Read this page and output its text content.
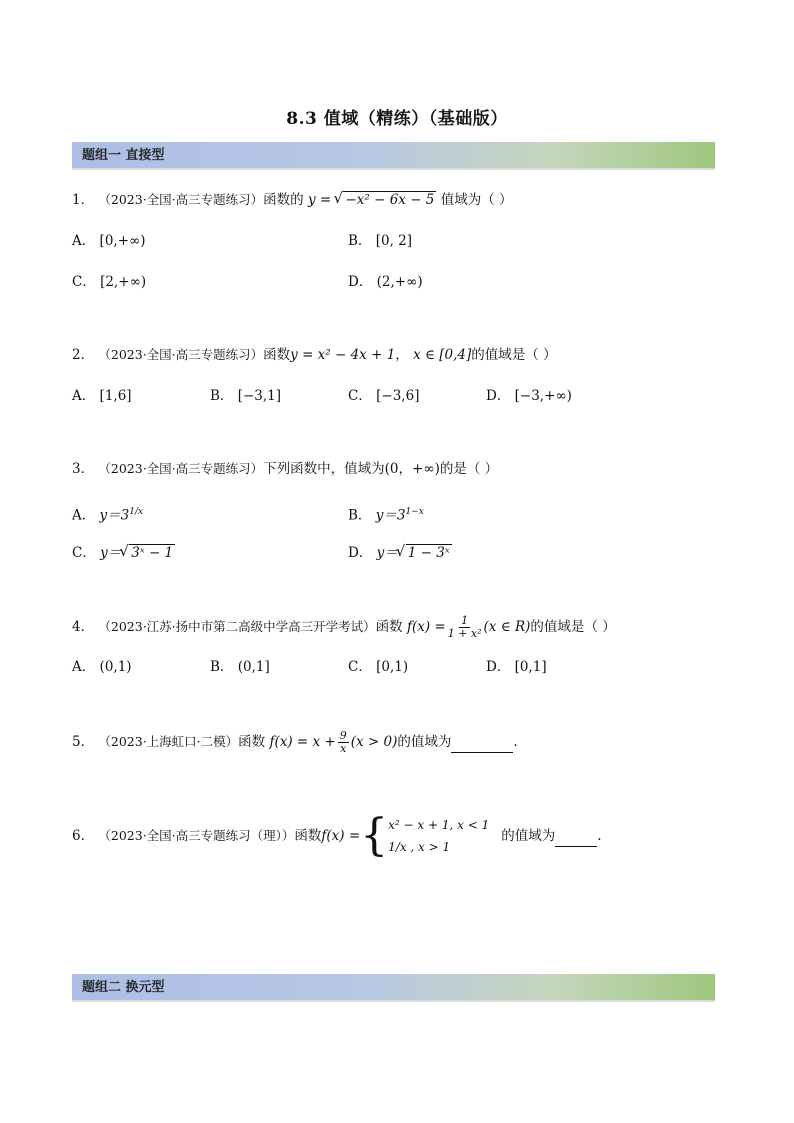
8.3 值域（精练）（基础版）
题组一 直接型
1． （2023·全国·高三专题练习）函数的 y = √ −x² − 6x − 5 值域为（ ）
A． [0,+∞)	B． [0, 2]
C． [2,+∞)	D． (2,+∞)
2． （2023·全国·高三专题练习）函数y = x² − 4x + 1， x ∈ [0,4]的值域是（ ）
A． [1,6]	B． [−3,1]	C． [−3,6]	D． [−3,+∞)
3． （2023·全国·高三专题练习）下列函数中，值域为(0，+∞)的是（ ）
A． $y=3^{1/x}$	B． $y=3^{1-x}$
C． y＝ √ 3ˣ − 1	D． y＝ √ 1 − 3ˣ
4． （2023·江苏·扬中市第二高级中学高三开学考试）函数 $f(x) = \frac{1}{\text{1 + x²}} (x$ ∈ R)的值域是（ ）
A． (0,1)	B． (0,1]	C． [0,1)	D． [0,1]
5． （2023·上海虹口·二模）函数 $f(x) = x + \frac{9}{x} (x > 0)$的值域为	.
6．
（2023·全国·高三专题练习（理）） 函数 f(x) = { x² − x + 1, x < 1
1/x , x > 1
的值域为
	.
题组二 换元型
